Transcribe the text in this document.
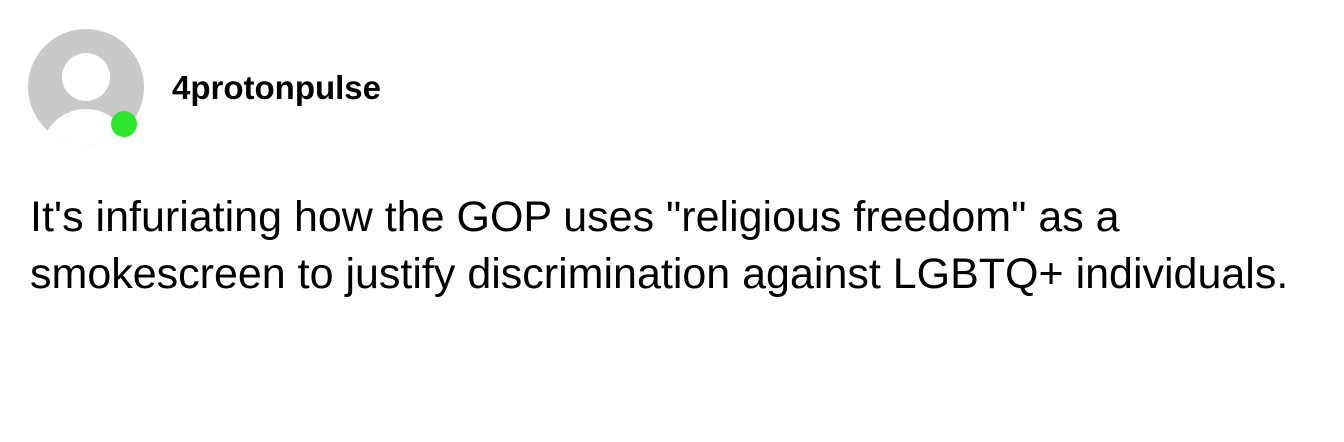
4protonpulse

It's infuriating how the GOP uses "religious freedom" as a smokescreen to justify discrimination against LGBTQ+ individuals.
